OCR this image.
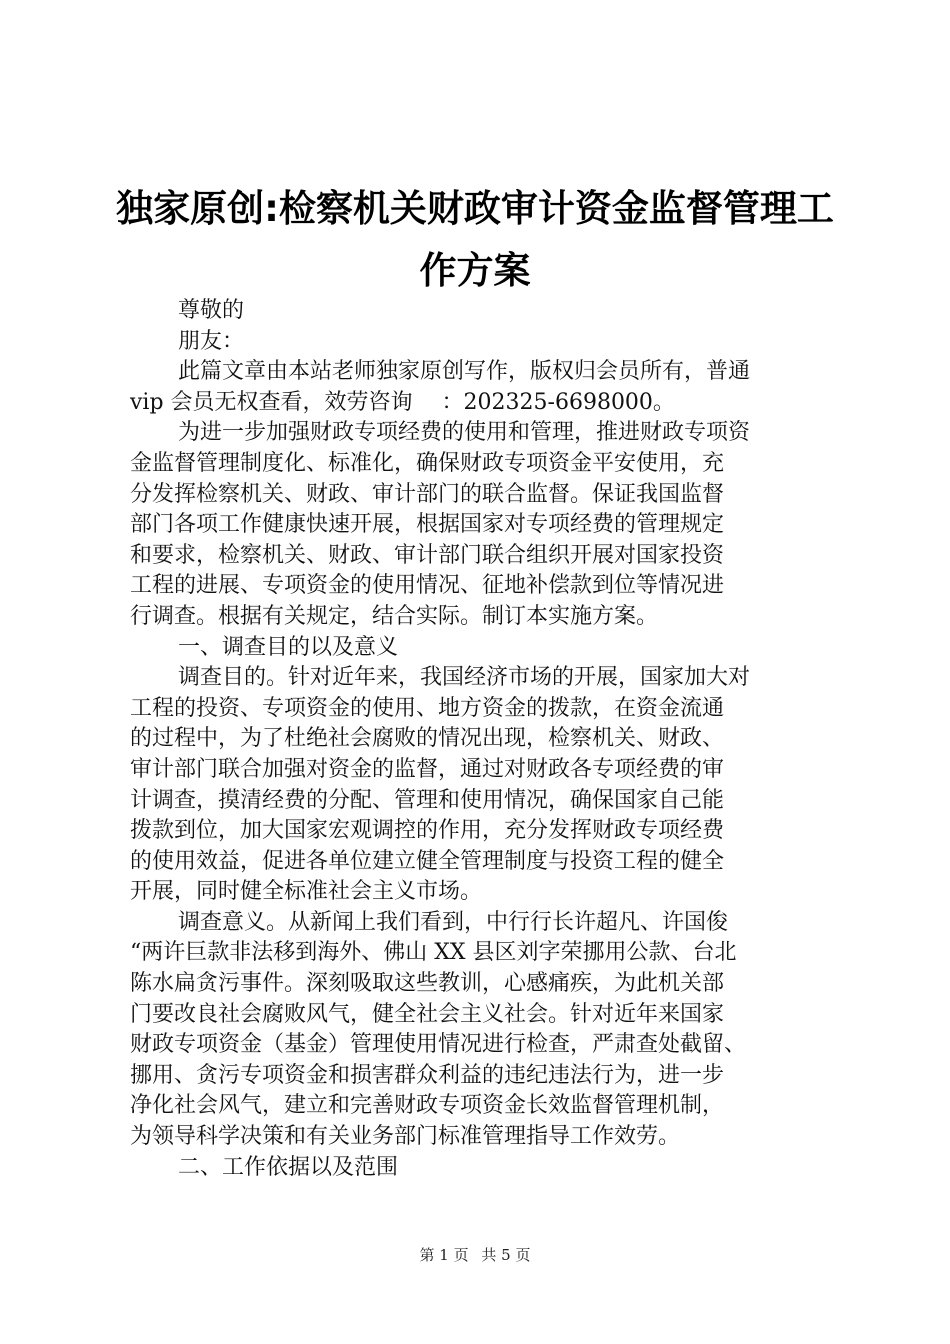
独家原创:检察机关财政审计资金监督管理工
作方案

尊敬的
朋友：

此篇文章由本站老师独家原创写作，版权归会员所有，普通
vip 会员无权查看，效劳咨询　 ：202325-6698000。

为进一步加强财政专项经费的使用和管理，推进财政专项资
金监督管理制度化、标准化，确保财政专项资金平安使用，充
分发挥检察机关、财政、审计部门的联合监督。保证我国监督
部门各项工作健康快速开展，根据国家对专项经费的管理规定
和要求，检察机关、财政、审计部门联合组织开展对国家投资
工程的进展、专项资金的使用情况、征地补偿款到位等情况进
行调查。根据有关规定，结合实际。制订本实施方案。

一、调查目的以及意义

调查目的。针对近年来，我国经济市场的开展，国家加大对
工程的投资、专项资金的使用、地方资金的拨款，在资金流通
的过程中，为了杜绝社会腐败的情况出现，检察机关、财政、
审计部门联合加强对资金的监督，通过对财政各专项经费的审
计调查，摸清经费的分配、管理和使用情况，确保国家自己能
拨款到位，加大国家宏观调控的作用，充分发挥财政专项经费
的使用效益，促进各单位建立健全管理制度与投资工程的健全
开展，同时健全标准社会主义市场。

调查意义。从新闻上我们看到，中行行长许超凡、许国俊
“两许巨款非法移到海外、佛山 XX 县区刘字荣挪用公款、台北
陈水扁贪污事件。深刻吸取这些教训，心感痛疾，为此机关部
门要改良社会腐败风气，健全社会主义社会。针对近年来国家
财政专项资金（基金）管理使用情况进行检查，严肃查处截留、
挪用、贪污专项资金和损害群众利益的违纪违法行为，进一步
净化社会风气，建立和完善财政专项资金长效监督管理机制，
为领导科学决策和有关业务部门标准管理指导工作效劳。

二、工作依据以及范围

第 1 页 共 5 页
